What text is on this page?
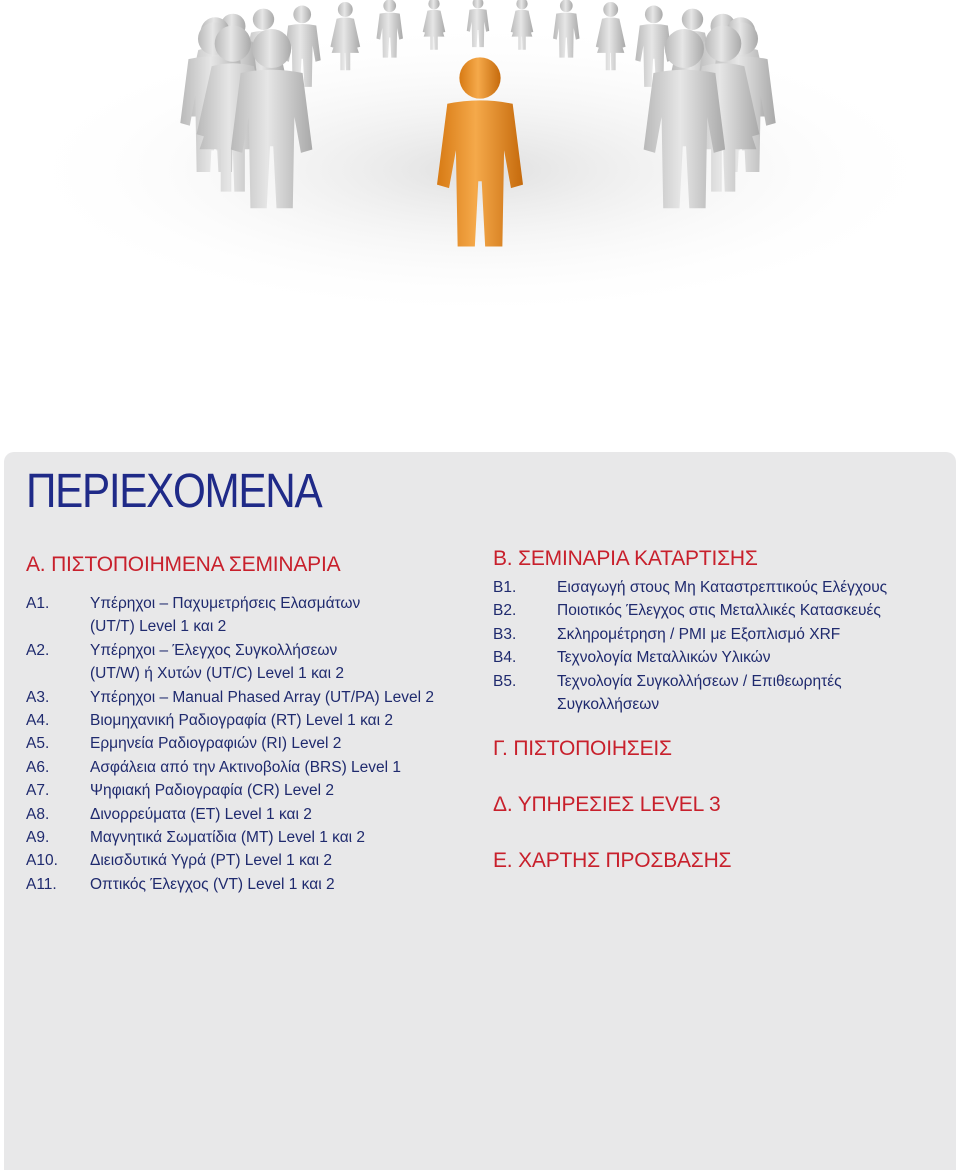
ΠΕΡΙΕΧΟΜΕΝΑ
Α. ΠΙΣΤΟΠΟΙΗΜΕΝΑ ΣΕΜΙΝΑΡΙΑ
Α1.	Υπέρηχοι – Παχυμετρήσεις Ελασμάτων
(UT/T) Level 1 και 2
Α2.	Υπέρηχοι – Έλεγχος Συγκολλήσεων
(UT/W) ή Χυτών (UT/C) Level 1 και 2
Α3.	Υπέρηχοι – Manual Phased Array (UT/PA) Level 2
Α4.	Βιομηχανική Ραδιογραφία (RT) Level 1 και 2
Α5.	Ερμηνεία Ραδιογραφιών (RI) Level 2
Α6.	Ασφάλεια από την Ακτινοβολία (BRS) Level 1
Α7.	Ψηφιακή Ραδιογραφία (CR) Level 2
Α8.	Δινορρεύματα (ET) Level 1 και 2
Α9.	Μαγνητικά Σωματίδια (MT) Level 1 και 2
Α10. Διεισδυτικά Υγρά (PT) Level 1 και 2
Α11. Οπτικός Έλεγχος (VT) Level 1 και 2
Β. ΣΕΜΙΝΑΡΙΑ ΚΑΤΑΡΤΙΣΗΣ
Β1.	Εισαγωγή στους Μη Καταστρεπτικούς Ελέγχους
Β2.	Ποιοτικός Έλεγχος στις Μεταλλικές Κατασκευές
Β3.	Σκληρομέτρηση / PMI με Εξοπλισμό XRF
Β4.	Τεχνολογία Μεταλλικών Υλικών
Β5.	Τεχνολογία Συγκολλήσεων / Επιθεωρητές
Συγκολλήσεων
Γ. ΠΙΣΤΟΠΟΙΗΣΕΙΣ
Δ. ΥΠΗΡΕΣΙΕΣ LEVEL 3
Ε. ΧΑΡΤΗΣ ΠΡΟΣΒΑΣΗΣ
